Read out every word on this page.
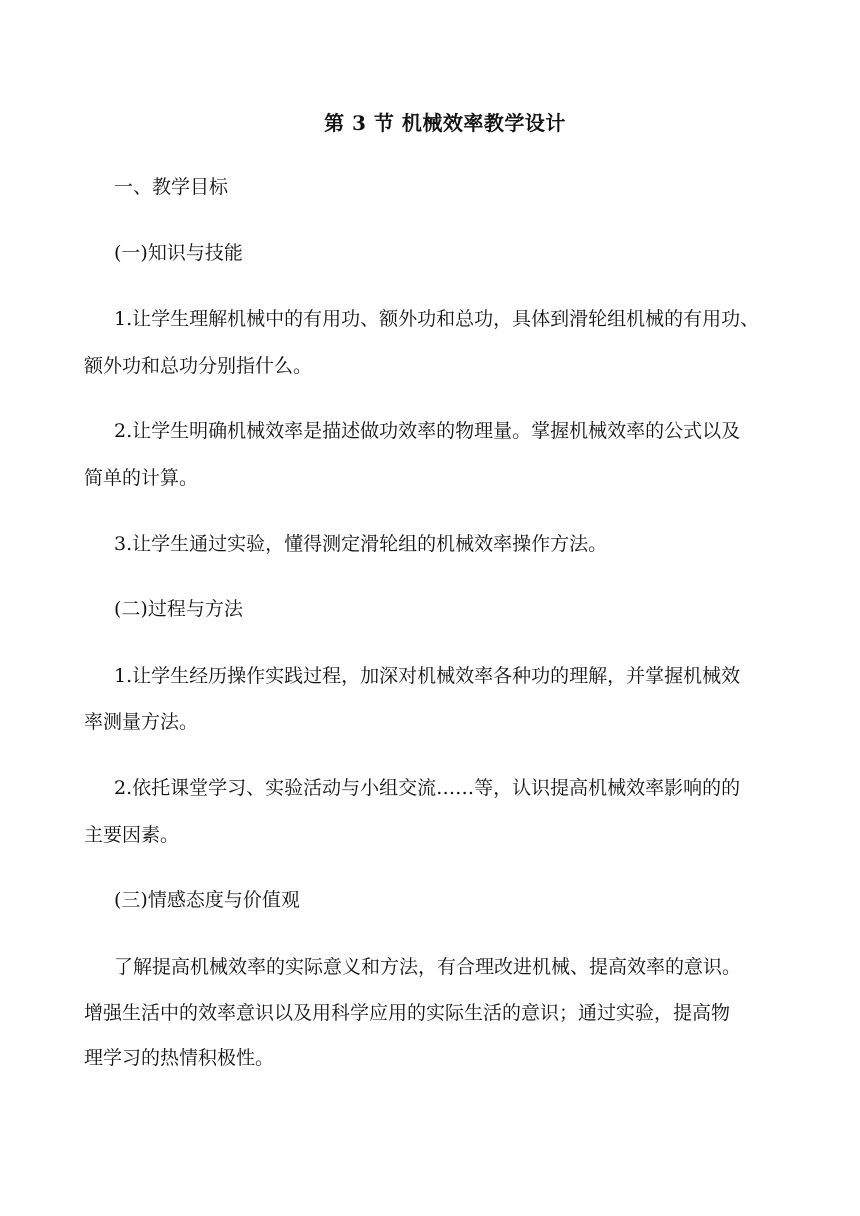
第 3 节 机械效率教学设计
一、教学目标
(一)知识与技能
1.让学生理解机械中的有用功、额外功和总功，具体到滑轮组机械的有用功、
额外功和总功分别指什么。
2.让学生明确机械效率是描述做功效率的物理量。掌握机械效率的公式以及
简单的计算。
3.让学生通过实验，懂得测定滑轮组的机械效率操作方法。
(二)过程与方法
1.让学生经历操作实践过程，加深对机械效率各种功的理解，并掌握机械效
率测量方法。
2.依托课堂学习、实验活动与小组交流……等，认识提高机械效率影响的的
主要因素。
(三)情感态度与价值观
了解提高机械效率的实际意义和方法，有合理改进机械、提高效率的意识。
增强生活中的效率意识以及用科学应用的实际生活的意识；通过实验，提高物
理学习的热情积极性。
